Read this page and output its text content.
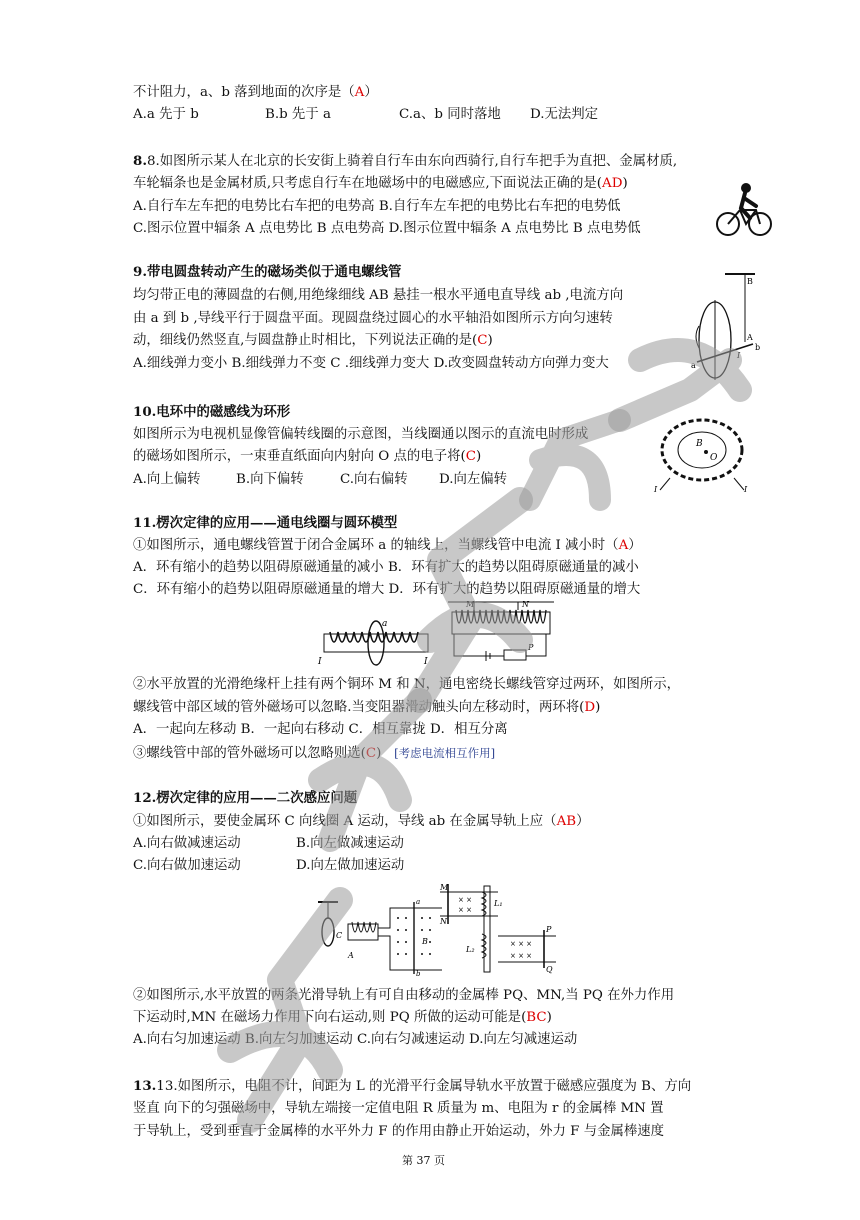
不计阻力，a、b 落到地面的次序是（A）
A.a 先于 b	B.b 先于 a	C.a、b 同时落地 D.无法判定
8.8.如图所示某人在北京的长安街上骑着自行车由东向西骑行,自行车把手为直把、金属材质,
车轮辐条也是金属材质,只考虑自行车在地磁场中的电磁感应,下面说法正确的是(AD)
A.自行车左车把的电势比右车把的电势高 B.自行车左车把的电势比右车把的电势低
C.图示位置中辐条 A 点电势比 B 点电势高 D.图示位置中辐条 A 点电势比 B 点电势低
9.带电圆盘转动产生的磁场类似于通电螺线管
均匀带正电的薄圆盘的右侧,用绝缘细线 AB 悬挂一根水平通电直导线 ab ,电流方向
由 a 到 b ,导线平行于圆盘平面。现圆盘绕过圆心的水平轴沿如图所示方向匀速转
动，细线仍然竖直,与圆盘静止时相比，下列说法正确的是(C)
A.细线弹力变小 B.细线弹力不变 C .细线弹力变大 D.改变圆盘转动方向弹力变大
B
A
a
b
I
10.电环中的磁感线为环形
如图所示为电视机显像管偏转线圈的示意图，当线圈通以图示的直流电时形成
的磁场如图所示，一束垂直纸面向内射向 O 点的电子将(C)
A.向上偏转	B.向下偏转	C.向右偏转 D.向左偏转
B
O
I	I
11.楞次定律的应用——通电线圈与圆环模型
①如图所示，通电螺线管置于闭合金属环 a 的轴线上，当螺线管中电流 I 减小时（A）
A．环有缩小的趋势以阻碍原磁通量的减小 B．环有扩大的趋势以阻碍原磁通量的减小
C．环有缩小的趋势以阻碍原磁通量的增大 D．环有扩大的趋势以阻碍原磁通量的增大
a
I	I
M	N
P
②水平放置的光滑绝缘杆上挂有两个铜环 M 和 N，通电密绕长螺线管穿过两环，如图所示，
螺线管中部区域的管外磁场可以忽略.当变阻器滑动触头向左移动时，两环将(D)
A．一起向左移动 B．一起向右移动 C．相互靠拢 D．相互分离
③螺线管中部的管外磁场可以忽略则选(C) [考虑电流相互作用]
12.楞次定律的应用——二次感应问题
①如图所示，要使金属环 C 向线圈 A 运动，导线 ab 在金属导轨上应（AB）
A.向右做减速运动	B.向左做减速运动
C.向右做加速运动	D.向左做加速运动
C
A
a
b
B
M
N
× ×
× ×
L₁
L₂
P
Q
× × ×
× × ×
②如图所示,水平放置的两条光滑导轨上有可自由移动的金属棒 PQ、MN,当 PQ 在外力作用
下运动时,MN 在磁场力作用下向右运动,则 PQ 所做的运动可能是(BC)
A.向右匀加速运动 B.向左匀加速运动 C.向右匀减速运动 D.向左匀减速运动
13.13.如图所示，电阻不计，间距为 L 的光滑平行金属导轨水平放置于磁感应强度为 B、方向
竖直 向下的匀强磁场中，导轨左端接一定值电阻 R 质量为 m、电阻为 r 的金属棒 MN 置
于导轨上，受到垂直于金属棒的水平外力 F 的作用由静止开始运动，外力 F 与金属棒速度
第 37 页
